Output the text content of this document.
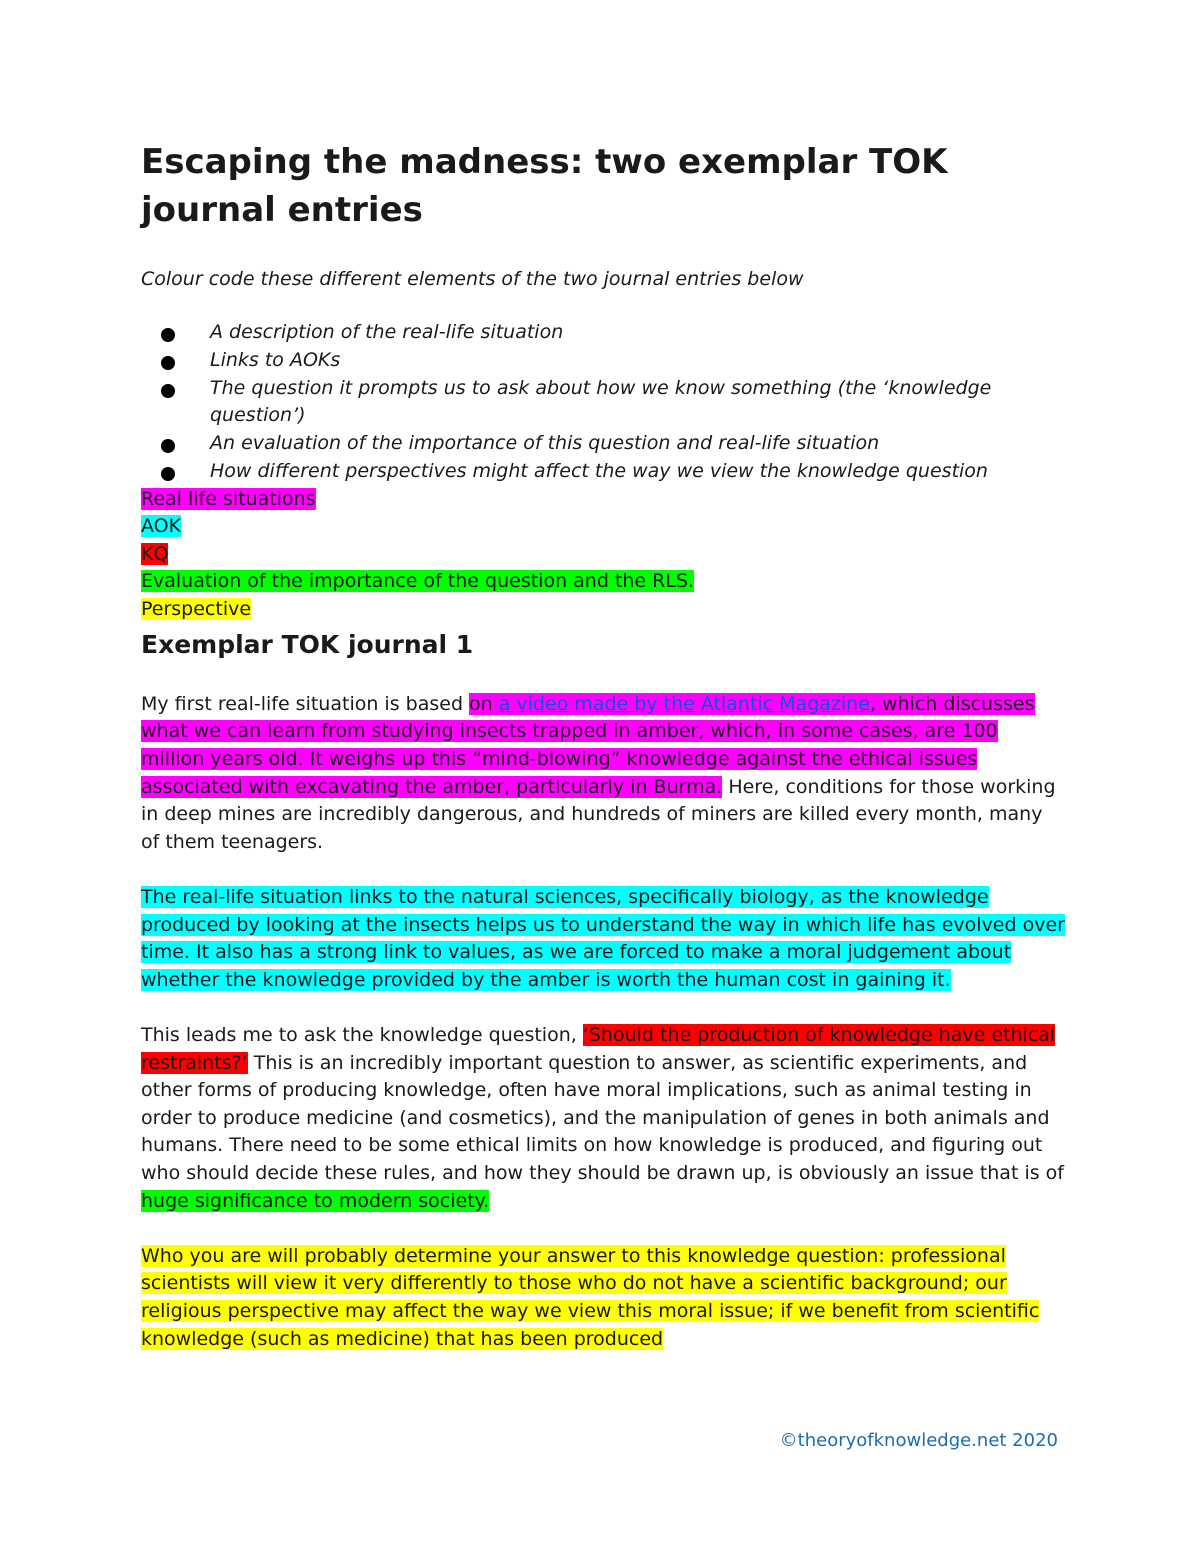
Escaping the madness: two exemplar TOK journal entries

Colour code these different elements of the two journal entries below

A description of the real-life situation
Links to AOKs
The question it prompts us to ask about how we know something (the ‘knowledge question’)
An evaluation of the importance of this question and real-life situation
How different perspectives might affect the way we view the knowledge question
Real life situations
AOK
KQ
Evaluation of the importance of the question and the RLS.
Perspective
Exemplar TOK journal 1

My first real-life situation is based on a video made by the Atlantic Magazine, which discusses what we can learn from studying insects trapped in amber, which, in some cases, are 100 million years old. It weighs up this “mind-blowing” knowledge against the ethical issues associated with excavating the amber, particularly in Burma. Here, conditions for those working in deep mines are incredibly dangerous, and hundreds of miners are killed every month, many of them teenagers.

The real-life situation links to the natural sciences, specifically biology, as the knowledge produced by looking at the insects helps us to understand the way in which life has evolved over time. It also has a strong link to values, as we are forced to make a moral judgement about whether the knowledge provided by the amber is worth the human cost in gaining it.

This leads me to ask the knowledge question, ‘Should the production of knowledge have ethical restraints?’ This is an incredibly important question to answer, as scientific experiments, and other forms of producing knowledge, often have moral implications, such as animal testing in order to produce medicine (and cosmetics), and the manipulation of genes in both animals and humans. There need to be some ethical limits on how knowledge is produced, and figuring out who should decide these rules, and how they should be drawn up, is obviously an issue that is of huge significance to modern society.

Who you are will probably determine your answer to this knowledge question: professional scientists will view it very differently to those who do not have a scientific background; our religious perspective may affect the way we view this moral issue; if we benefit from scientific knowledge (such as medicine) that has been produced

©theoryofknowledge.net 2020
